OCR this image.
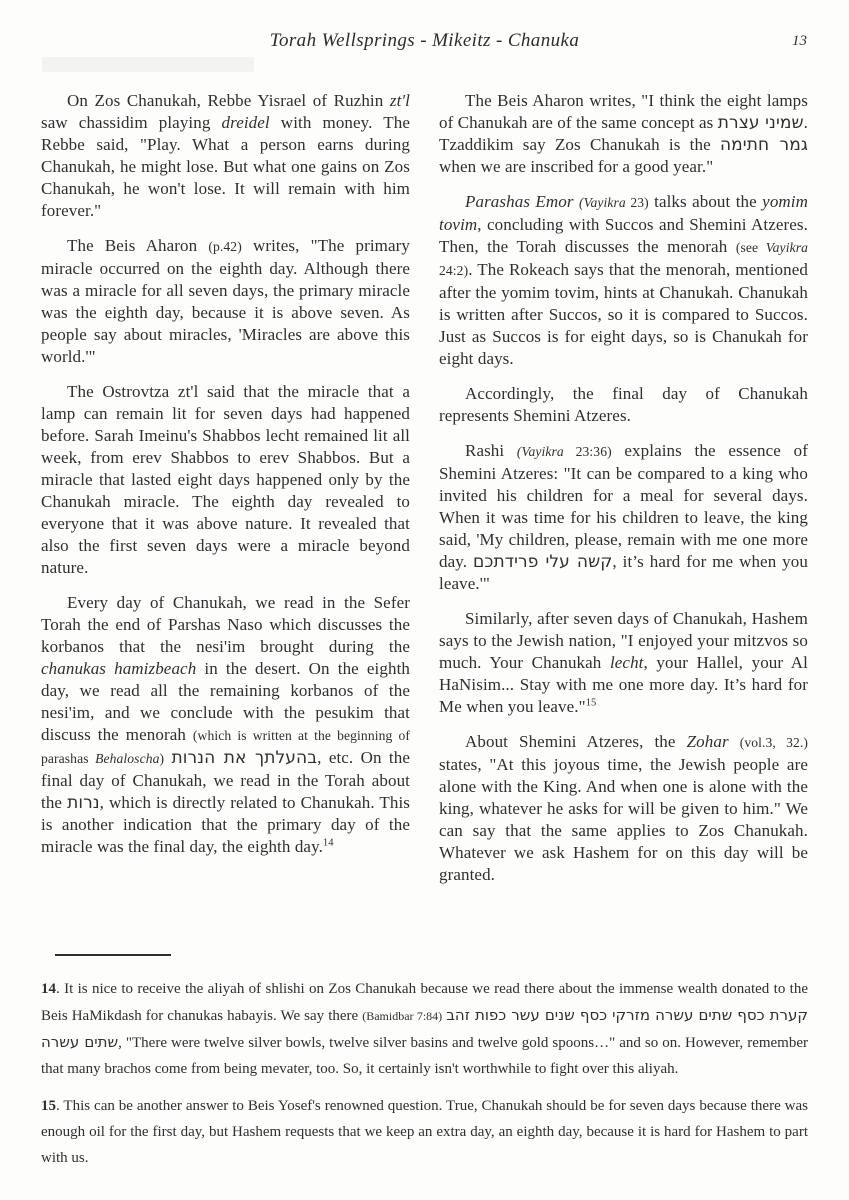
Torah Wellsprings - Mikeitz - Chanuka	13

On Zos Chanukah, Rebbe Yisrael of Ruzhin zt'l saw chassidim playing dreidel with money. The Rebbe said, "Play. What a person earns during Chanukah, he might lose. But what one gains on Zos Chanukah, he won't lose. It will remain with him forever."

The Beis Aharon (p.42) writes, "The primary miracle occurred on the eighth day. Although there was a miracle for all seven days, the primary miracle was the eighth day, because it is above seven. As people say about miracles, 'Miracles are above this world.'"

The Ostrovtza zt'l said that the miracle that a lamp can remain lit for seven days had happened before. Sarah Imeinu's Shabbos lecht remained lit all week, from erev Shabbos to erev Shabbos. But a miracle that lasted eight days happened only by the Chanukah miracle. The eighth day revealed to everyone that it was above nature. It revealed that also the first seven days were a miracle beyond nature.

Every day of Chanukah, we read in the Sefer Torah the end of Parshas Naso which discusses the korbanos that the nesi'im brought during the chanukas hamizbeach in the desert. On the eighth day, we read all the remaining korbanos of the nesi'im, and we conclude with the pesukim that discuss the menorah (which is written at the beginning of parashas Behaloscha) בהעלתך את הנרות, etc. On the final day of Chanukah, we read in the Torah about the נרות, which is directly related to Chanukah. This is another indication that the primary day of the miracle was the final day, the eighth day.$^{14}$

The Beis Aharon writes, "I think the eight lamps of Chanukah are of the same concept as שמיני עצרת. Tzaddikim say Zos Chanukah is the גמר חתימה when we are inscribed for a good year."

Parashas Emor (Vayikra 23) talks about the yomim tovim, concluding with Succos and Shemini Atzeres. Then, the Torah discusses the menorah (see Vayikra 24:2). The Rokeach says that the menorah, mentioned after the yomim tovim, hints at Chanukah. Chanukah is written after Succos, so it is compared to Succos. Just as Succos is for eight days, so is Chanukah for eight days.

Accordingly, the final day of Chanukah represents Shemini Atzeres.

Rashi (Vayikra 23:36) explains the essence of Shemini Atzeres: "It can be compared to a king who invited his children for a meal for several days. When it was time for his children to leave, the king said, 'My children, please, remain with me one more day. קשה עלי פרידתכם, it’s hard for me when you leave.'"

Similarly, after seven days of Chanukah, Hashem says to the Jewish nation, "I enjoyed your mitzvos so much. Your Chanukah lecht, your Hallel, your Al HaNisim... Stay with me one more day. It’s hard for Me when you leave."$^{15}$

About Shemini Atzeres, the Zohar (vol.3, 32.) states, "At this joyous time, the Jewish people are alone with the King. And when one is alone with the king, whatever he asks for will be given to him." We can say that the same applies to Zos Chanukah. Whatever we ask Hashem for on this day will be granted.

14. It is nice to receive the aliyah of shlishi on Zos Chanukah because we read there about the immense wealth donated to the Beis HaMikdash for chanukas habayis. We say there (Bamidbar 7:84) קערת כסף שתים עשרה מזרקי כסף שנים עשר כפות זהב שתים עשרה, "There were twelve silver bowls, twelve silver basins and twelve gold spoons…" and so on. However, remember that many brachos come from being mevater, too. So, it certainly isn't worthwhile to fight over this aliyah.

15. This can be another answer to Beis Yosef's renowned question. True, Chanukah should be for seven days because there was enough oil for the first day, but Hashem requests that we keep an extra day, an eighth day, because it is hard for Hashem to part with us.
